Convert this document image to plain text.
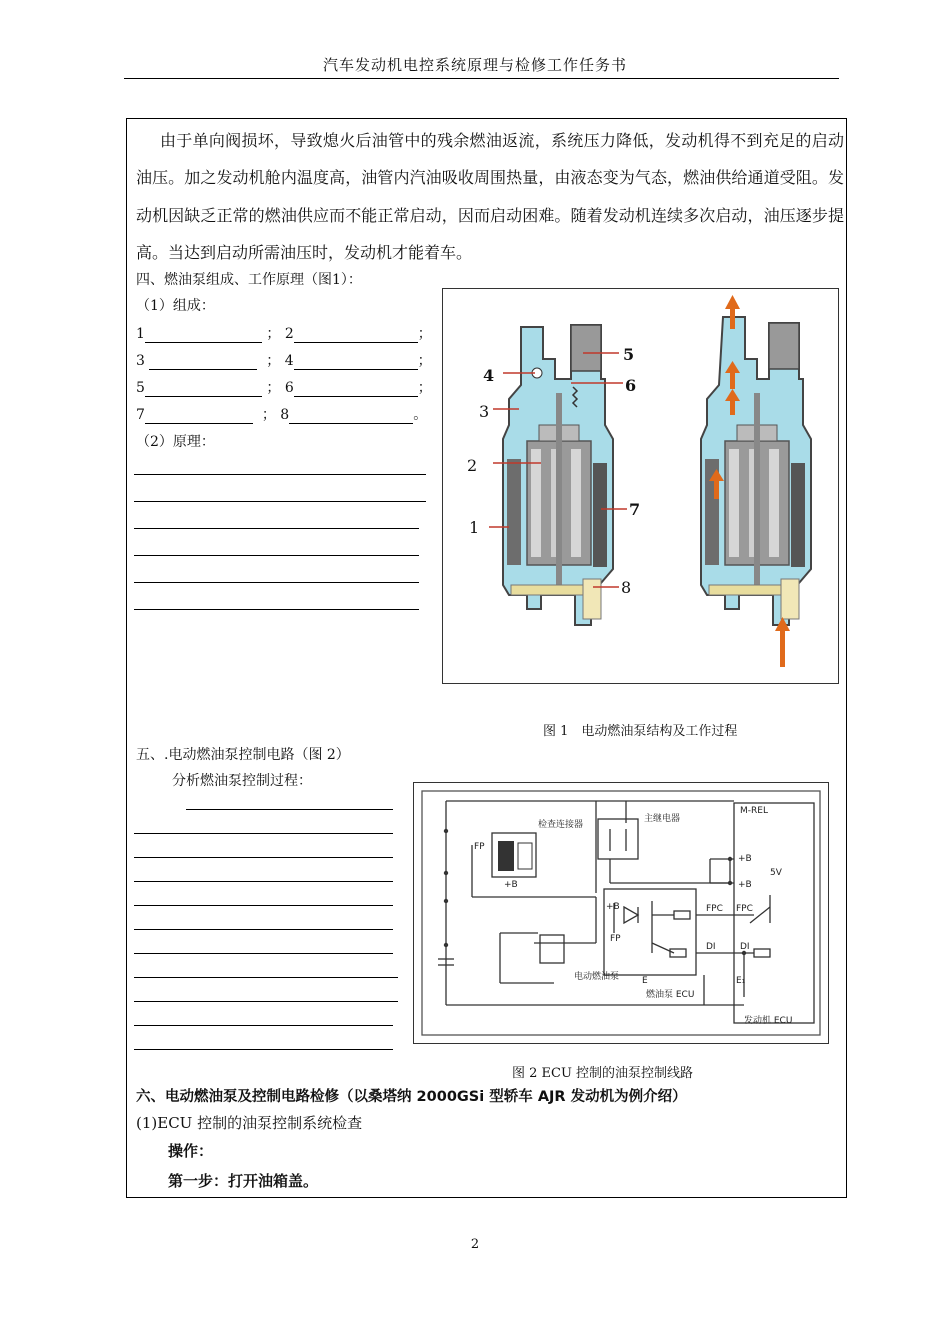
汽车发动机电控系统原理与检修工作任务书
由于单向阀损坏，导致熄火后油管中的残余燃油返流，系统压力降低，发动机得不到充足的启动油压。加之发动机舱内温度高，油管内汽油吸收周围热量，由液态变为气态，燃油供给通道受阻。发动机因缺乏正常的燃油供应而不能正常启动，因而启动困难。随着发动机连续多次启动，油压逐步提高。当达到启动所需油压时，发动机才能着车。
四、燃油泵组成、工作原理（图1）：
（1）组成：
1	； 2	；
3	； 4	；
5	； 6	；
7	； 8	。
（2）原理：
5
4
6
3
2
7
1
8
图 1　电动燃油泵结构及工作过程
五、.电动燃油泵控制电路（图 2）
分析燃油泵控制过程：
检查连接器
主继电器
M-REL
FP
+B
+B
+B
+B
5V
FPC FPC
FP
DI	DI
电动燃油泵	E	E₁
燃油泵 ECU
发动机 ECU
图 2 ECU 控制的油泵控制线路
六、电动燃油泵及控制电路检修（以桑塔纳 2000GSi 型轿车 AJR 发动机为例介绍）
(1)ECU 控制的油泵控制系统检查
操作：
第一步：打开油箱盖。
2
